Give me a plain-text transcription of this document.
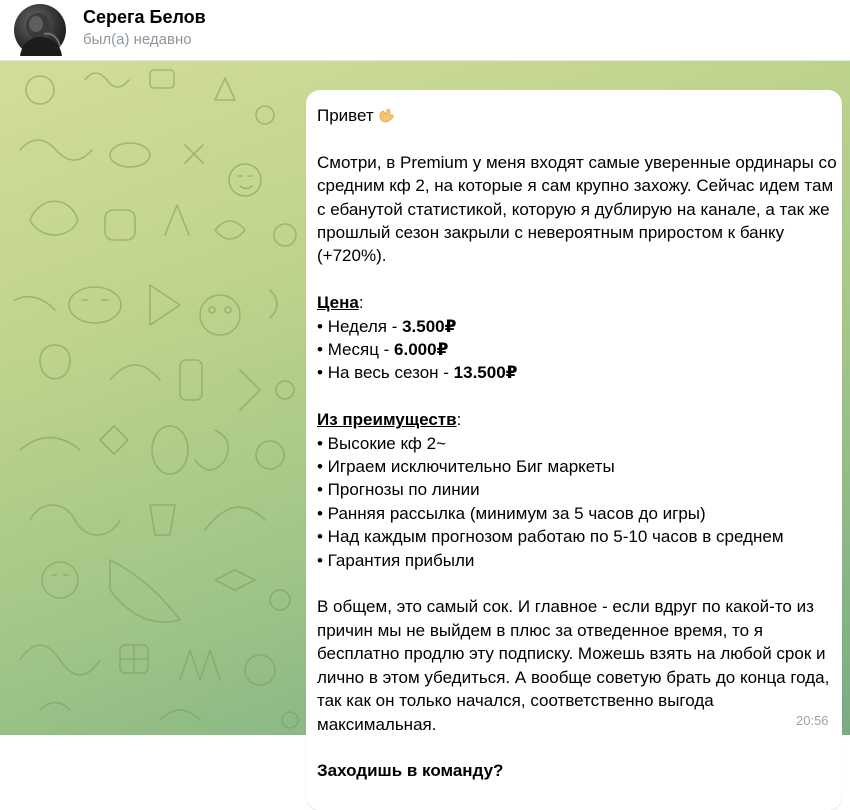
Серега Белов
был(а) недавно

Привет

Смотри, в Premium у меня входят самые уверенные ординары со средним кф 2, на которые я сам крупно захожу. Сейчас идем там с ебанутой статистикой, которую я дублирую на канале, а так же прошлый сезон закрыли с невероятным приростом к банку (+720%).

Цена:

• Неделя - 3.500₽

• Месяц - 6.000₽

• На весь сезон - 13.500₽

Из преимуществ:

• Высокие кф 2~

• Играем исключительно Биг маркеты

• Прогнозы по линии

• Ранняя рассылка (минимум за 5 часов до игры)

• Над каждым прогнозом работаю по 5-10 часов в среднем

• Гарантия прибыли

В общем, это самый сок. И главное - если вдруг по какой-то из причин мы не выйдем в плюс за отведенное время, то я бесплатно продлю эту подписку. Можешь взять на любой срок и лично в этом убедиться. А вообще советую брать до конца года, так как он только начался, соответственно выгода максимальная.

Заходишь в команду?

20:56
